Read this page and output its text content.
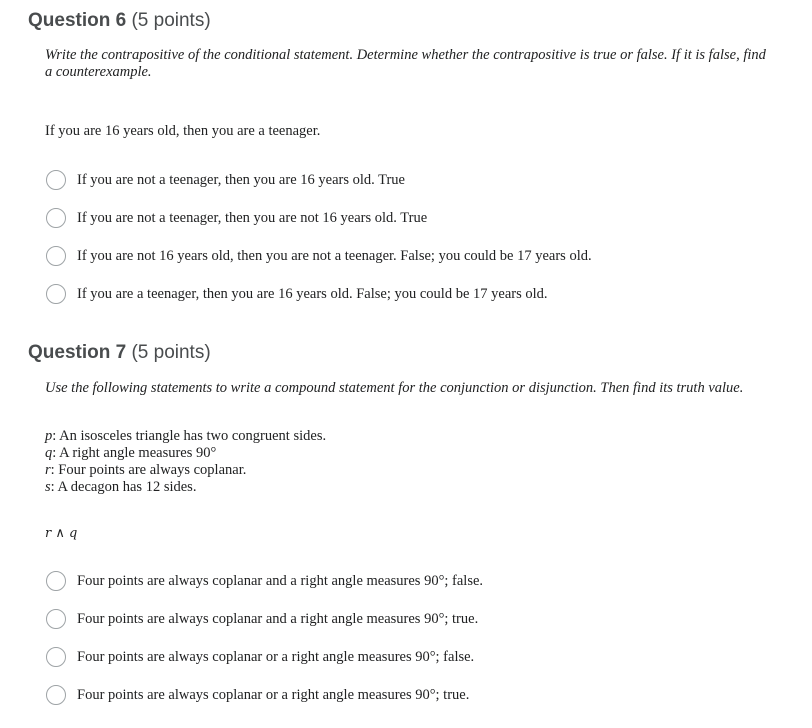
Question 6 (5 points)
Write the contrapositive of the conditional statement. Determine whether the contrapositive is true or false. If it is false, find a counterexample.
If you are 16 years old, then you are a teenager.
If you are not a teenager, then you are 16 years old. True
If you are not a teenager, then you are not 16 years old. True
If you are not 16 years old, then you are not a teenager. False; you could be 17 years old.
If you are a teenager, then you are 16 years old. False; you could be 17 years old.
Question 7 (5 points)
Use the following statements to write a compound statement for the conjunction or disjunction. Then find its truth value.
p: An isosceles triangle has two congruent sides.
q: A right angle measures 90°
r: Four points are always coplanar.
s: A decagon has 12 sides.
r ∧ q
Four points are always coplanar and a right angle measures 90°; false.
Four points are always coplanar and a right angle measures 90°; true.
Four points are always coplanar or a right angle measures 90°; false.
Four points are always coplanar or a right angle measures 90°; true.
